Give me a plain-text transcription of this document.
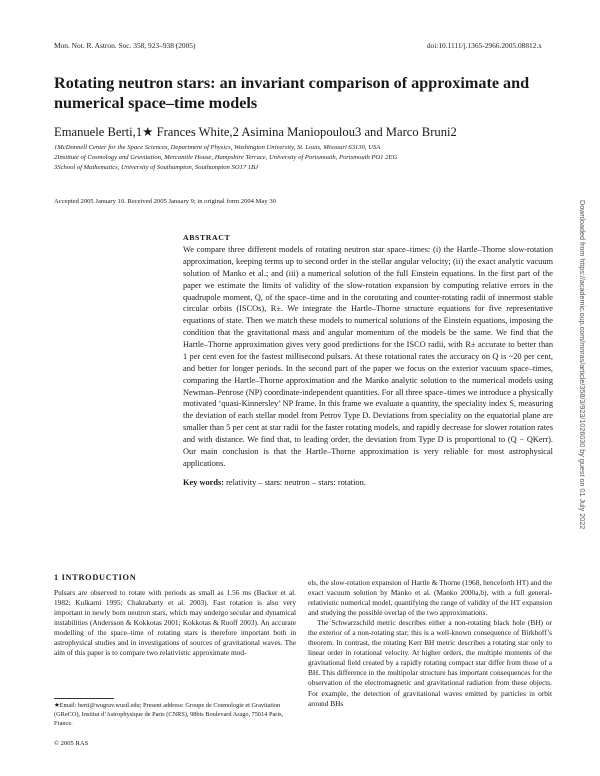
Mon. Not. R. Astron. Soc. 358, 923–938 (2005)	doi:10.1111/j.1365-2966.2005.08812.x
Rotating neutron stars: an invariant comparison of approximate and numerical space–time models
Emanuele Berti,1★ Frances White,2 Asimina Maniopoulou3 and Marco Bruni2
1McDonnell Center for the Space Sciences, Department of Physics, Washington University, St. Louis, Missouri 63130, USA
2Institute of Cosmology and Gravitation, Mercantile House, Hampshire Terrace, University of Portsmouth, Portsmouth PO1 2EG
3School of Mathematics, University of Southampton, Southampton SO17 1BJ
Accepted 2005 January 10. Received 2005 January 9; in original form 2004 May 30
ABSTRACT

We compare three different models of rotating neutron star space–times: (i) the Hartle–Thorne slow-rotation approximation, keeping terms up to second order in the stellar angular velocity; (ii) the exact analytic vacuum solution of Manko et al.; and (iii) a numerical solution of the full Einstein equations. In the first part of the paper we estimate the limits of validity of the slow-rotation expansion by computing relative errors in the quadrupole moment, Q, of the space–time and in the corotating and counter-rotating radii of innermost stable circular orbits (ISCOs), R±. We integrate the Hartle–Thorne structure equations for five representative equations of state. Then we match these models to numerical solutions of the Einstein equations, imposing the condition that the gravitational mass and angular momentum of the models be the same. We find that the Hartle–Thorne approximation gives very good predictions for the ISCO radii, with R± accurate to better than 1 per cent even for the fastest millisecond pulsars. At these rotational rates the accuracy on Q is ~20 per cent, and better for longer periods. In the second part of the paper we focus on the exterior vacuum space–times, comparing the Hartle–Thorne approximation and the Manko analytic solution to the numerical models using Newman–Penrose (NP) coordinate-independent quantities. For all three space–times we introduce a physically motivated ‘quasi-Kinnersley’ NP frame. In this frame we evaluate a quantity, the speciality index S, measuring the deviation of each stellar model from Petrov Type D. Deviations from speciality on the equatorial plane are smaller than 5 per cent at star radii for the faster rotating models, and rapidly decrease for slower rotation rates and with distance. We find that, to leading order, the deviation from Type D is proportional to (Q − QKerr). Our main conclusion is that the Hartle–Thorne approximation is very reliable for most astrophysical applications.

Key words: relativity – stars: neutron – stars: rotation.	Downloaded from https://academic.oup.com/mnras/article/358/3/923/1026030 by guest on 01 July 2022
1 INTRODUCTION

Pulsars are observed to rotate with periods as small as 1.56 ms (Backer et al. 1982; Kulkarni 1995; Chakrabarty et al. 2003). Fast rotation is also very important in newly born neutron stars, which may undergo secular and dynamical instabilities (Andersson & Kokkotas 2001; Kokkotas & Ruoff 2003). An accurate modelling of the space–time of rotating stars is therefore important both in astrophysical studies and in investigations of sources of gravitational waves. The aim of this paper is to compare two relativistic approximate mod-

els, the slow-rotation expansion of Hartle & Thorne (1968, henceforth HT) and the exact vacuum solution by Manko et al. (Manko 2000a,b), with a full general-relativistic numerical model, quantifying the range of validity of the HT expansion and studying the possible overlap of the two approximations.

The Schwarzschild metric describes either a non-rotating black hole (BH) or the exterior of a non-rotating star; this is a well-known consequence of Birkhoff’s theorem. In contrast, the rotating Kerr BH metric describes a rotating star only to linear order in rotational velocity. At higher orders, the multiple moments of the gravitational field created by a rapidly rotating compact star differ from those of a BH. This difference in the multipolar structure has important consequences for the observation of the electromagnetic and gravitational radiation from these objects. For example, the detection of gravitational waves emitted by particles in orbit around BHs

★Email: berti@wugrav.wustl.edu; Present address: Groupe de Cosmologie et Gravitation (GReCO), Institut d’Astrophysique de Paris (CNRS), 98bis Boulevard Arago, 75014 Paris, France.
© 2005 RAS
